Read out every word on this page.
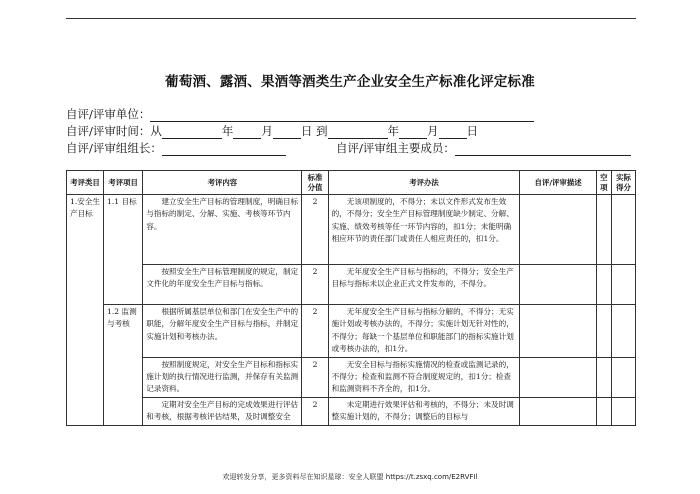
葡萄酒、露酒、果酒等酒类生产企业安全生产标准化评定标准
自评/评审单位：
自评/评审时间：从	年 月 日 到	年 月 日
自评/评审组组长：	自评/评审组主要成员：
考评类目	考评项目	考评内容	标准分值	考评办法	自评/评审描述	空项	实际得分
1.安全生产目标	1.1 目标	建立安全生产目标的管理制度，明确目标与指标的制定、分解、实施、考核等环节内容。	2	无该项制度的，不得分；未以文件形式发布生效的，不得分；安全生产目标管理制度缺少制定、分解、实施、绩效考核等任一环节内容的，扣1分；未能明确相应环节的责任部门或责任人相应责任的，扣1分。			
		按照安全生产目标管理制度的规定，制定文件化的年度安全生产目标与指标。	2	无年度安全生产目标与指标的，不得分；安全生产目标与指标未以企业正式文件发布的，不得分。			
	1.2 监测与考核	根据所属基层单位和部门在安全生产中的职能，分解年度安全生产目标与指标，并制定实施计划和考核办法。	2	无年度安全生产目标与指标分解的，不得分；无实施计划或考核办法的，不得分；实施计划无针对性的，不得分；每缺一个基层单位和职能部门的指标实施计划或考核办法的，扣1分。			
		按照制度规定，对安全生产目标和指标实施计划的执行情况进行监测，并保存有关监测记录资料。	2	无安全目标与指标实施情况的检查或监测记录的，不得分；检查和监测不符合制度规定的，扣1分；检查和监测资料不齐全的，扣1分。			
		定期对安全生产目标的完成效果进行评估和考核，根据考核评估结果，及时调整安全	2	未定期进行效果评估和考核的，不得分；未及时调整实施计划的，不得分；调整后的目标与			
欢迎转发分享，更多资料尽在知识星球：安全人联盟 https://t.zsxq.com/E2RVFIl
